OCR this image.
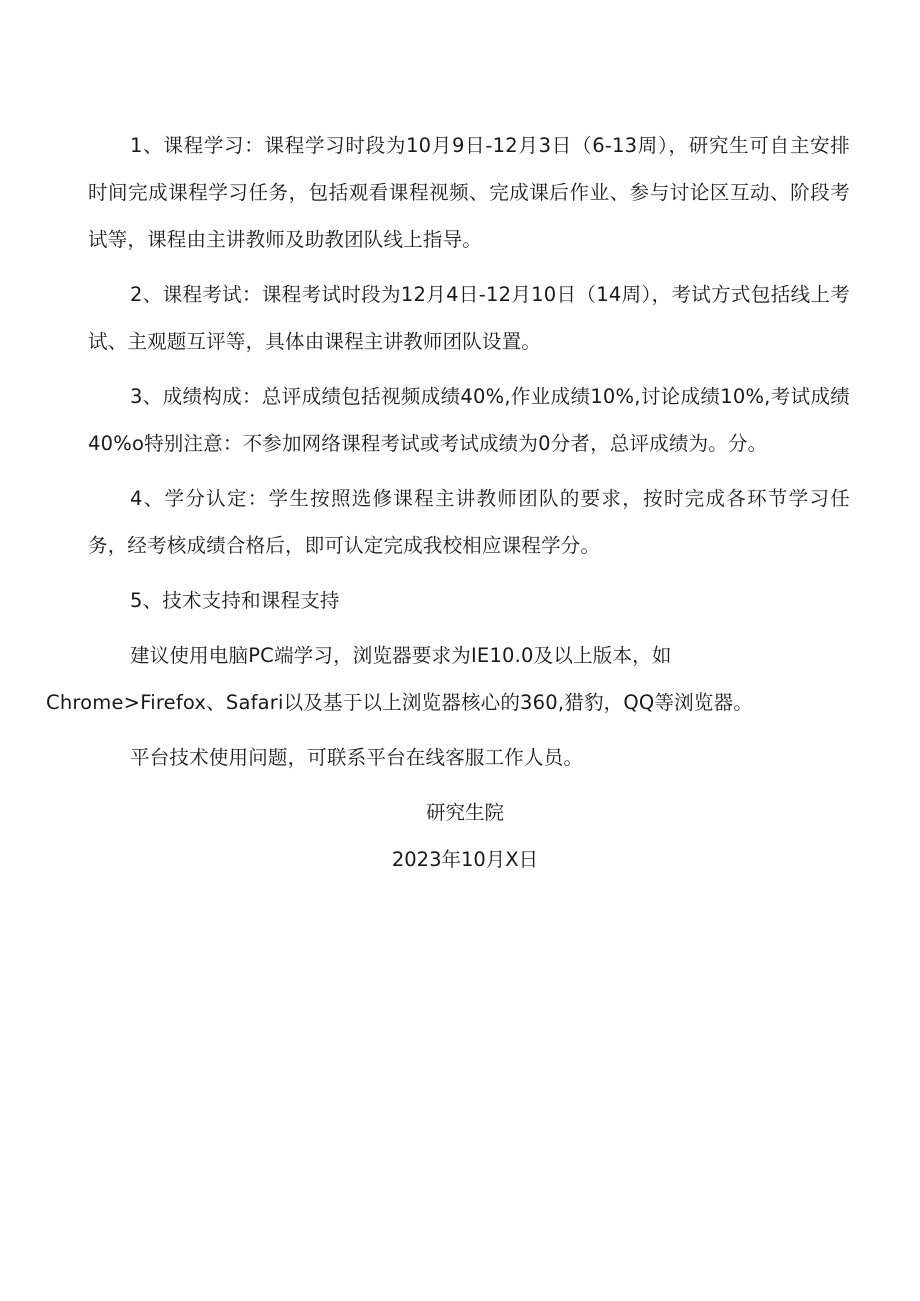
1、课程学习：课程学习时段为10月9日-12月3日（6-13周），研究生可自主安排时间完成课程学习任务，包括观看课程视频、完成课后作业、参与讨论区互动、阶段考试等，课程由主讲教师及助教团队线上指导。

2、课程考试：课程考试时段为12月4日-12月10日（14周），考试方式包括线上考试、主观题互评等，具体由课程主讲教师团队设置。

3、成绩构成：总评成绩包括视频成绩40%,作业成绩10%,讨论成绩10%,考试成绩40%o特别注意：不参加网络课程考试或考试成绩为0分者，总评成绩为。分。

4、学分认定：学生按照选修课程主讲教师团队的要求，按时完成各环节学习任务，经考核成绩合格后，即可认定完成我校相应课程学分。

5、技术支持和课程支持

建议使用电脑PC端学习，浏览器要求为IE10.0及以上版本，如
Chrome>Firefox、Safari以及基于以上浏览器核心的360,猎豹，QQ等浏览器。

平台技术使用问题，可联系平台在线客服工作人员。

研究生院

2023年10月X日
